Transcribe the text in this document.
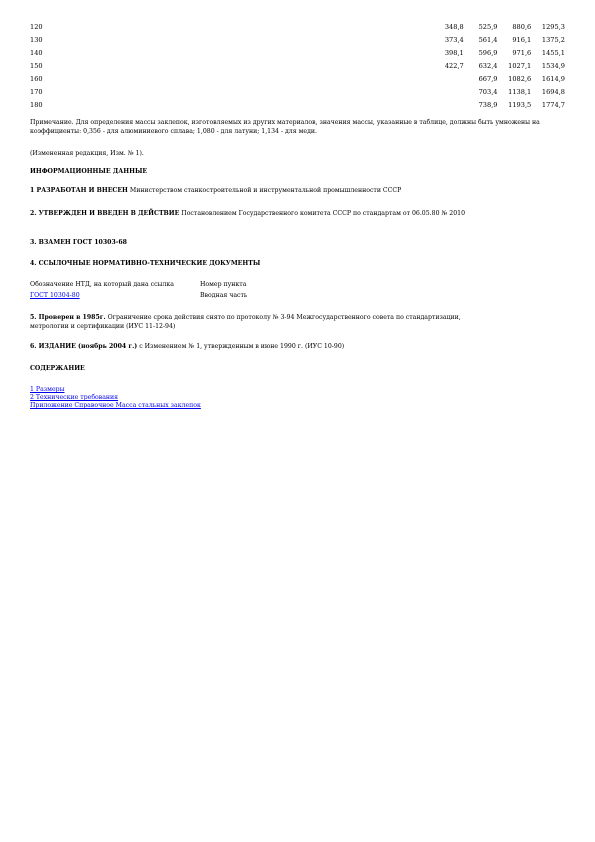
120	348,8	525,9	880,6	1295,3
130	373,4	561,4	916,1	1375,2
140	398,1	596,9	971,6	1455,1
150	422,7	632,4	1027,1	1534,9
160		667,9	1082,6	1614,9
170		703,4	1138,1	1694,8
180		738,9	1193,5	1774,7
Примечание. Для определения массы заклепок, изготовляемых из других материалов, значения массы, указанные в таблице, должны быть умножены на коэффициенты: 0,356 - для алюминиевого сплава; 1,080 - для латуни; 1,134 - для меди.
(Измененная редакция, Изм. № 1).
ИНФОРМАЦИОННЫЕ ДАННЫЕ
1 РАЗРАБОТАН И ВНЕСЕН Министерством станкостроительной и инструментальной промышленности СССР
2. УТВЕРЖДЕН И ВВЕДЕН В ДЕЙСТВИЕ Постановлением Государственного комитета СССР по стандартам от 06.05.80 № 2010
3. ВЗАМЕН ГОСТ 10303-68
4. ССЫЛОЧНЫЕ НОРМАТИВНО-ТЕХНИЧЕСКИЕ ДОКУМЕНТЫ
Обозначение НТД, на который дана ссылка	Номер пункта
ГОСТ 10304-80	Вводная часть
5. Проверен в 1985г. Ограничение срока действия снято по протоколу № 3-94 Межгосударственного совета по стандартизации, метрологии и сертификации (ИУС 11-12-94)
6. ИЗДАНИЕ (ноябрь 2004 г.) с Изменением № 1, утвержденным в июне 1990 г. (ИУС 10-90)
СОДЕРЖАНИЕ
1 Размеры
2 Технические требования
Приложение Справочное Масса стальных заклепок
